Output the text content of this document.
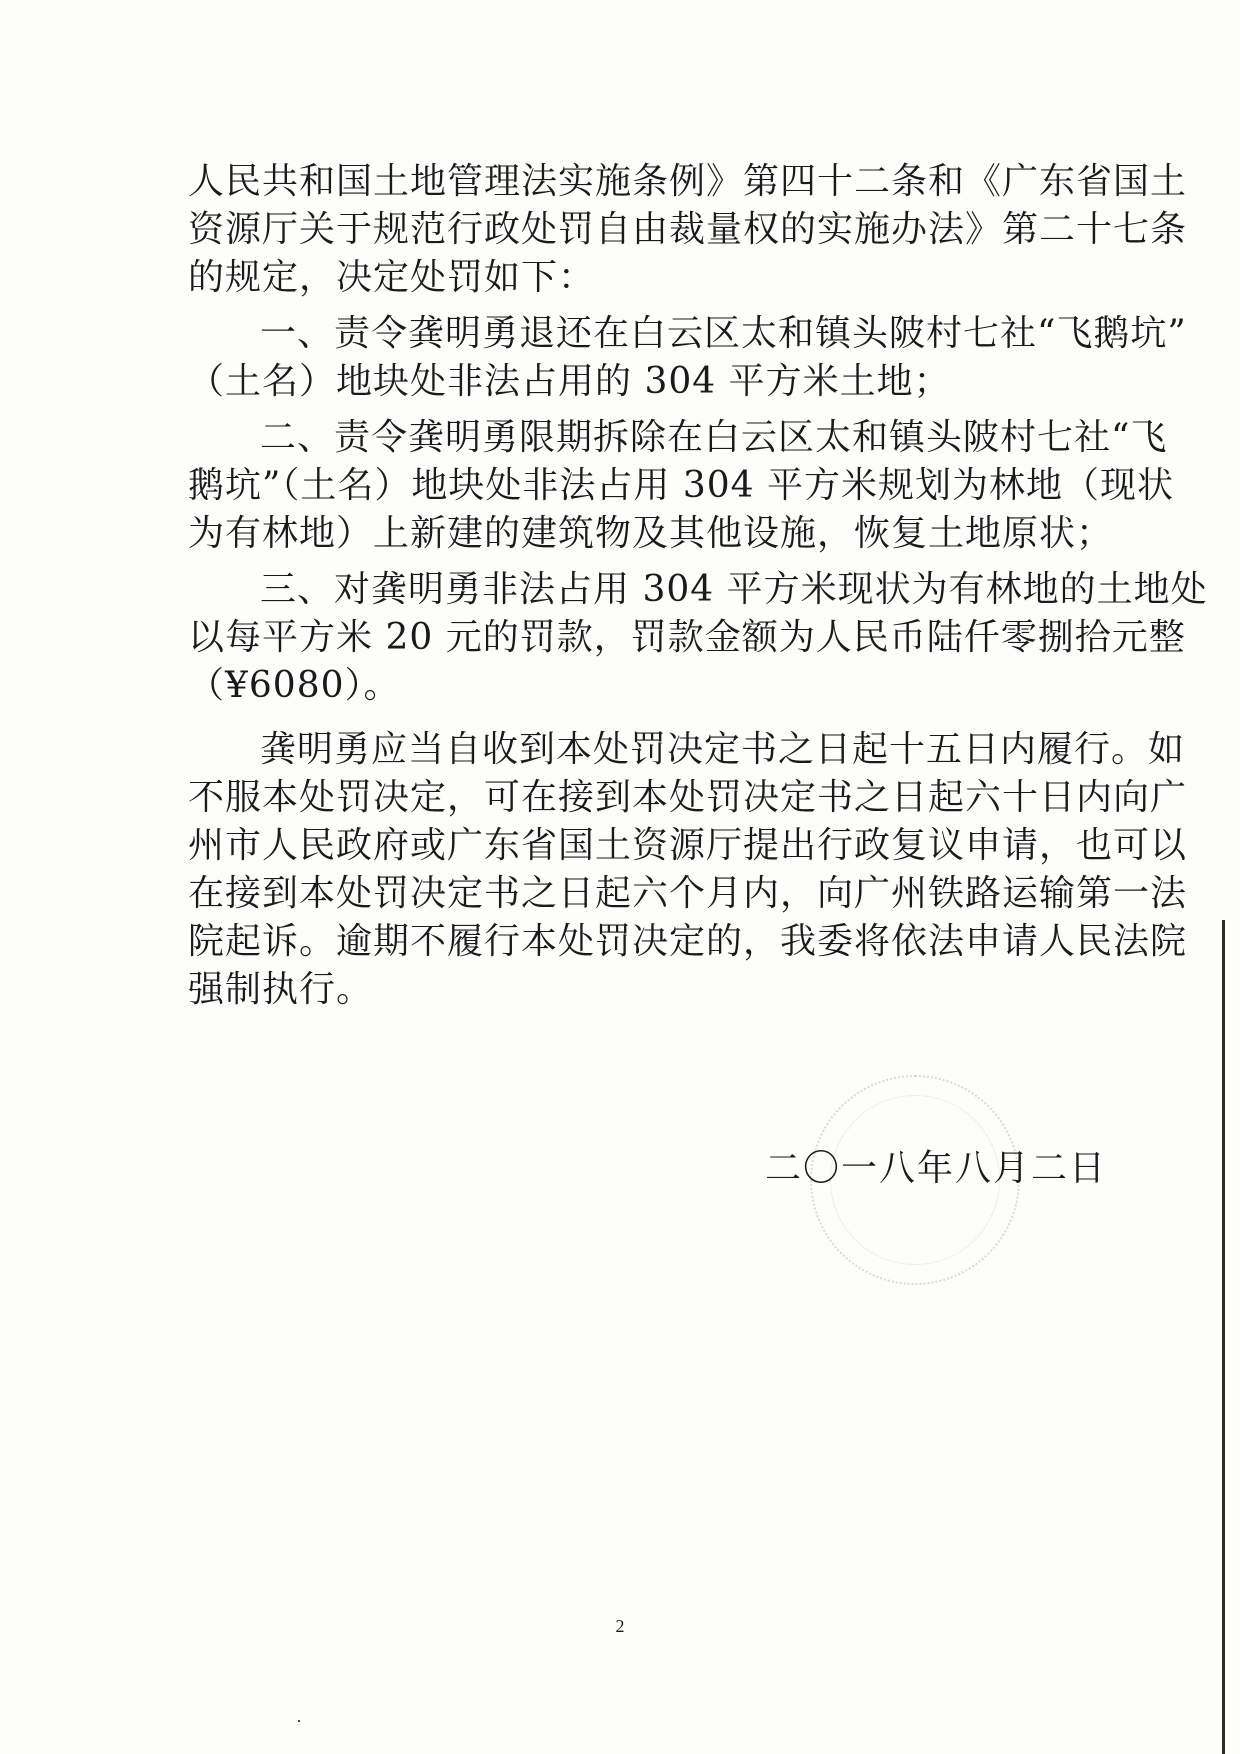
人民共和国土地管理法实施条例》第四十二条和《广东省国土
资源厅关于规范行政处罚自由裁量权的实施办法》第二十七条
的规定，决定处罚如下：
一、责令龚明勇退还在白云区太和镇头陂村七社“飞鹅坑”
（土名）地块处非法占用的 304 平方米土地；
二、责令龚明勇限期拆除在白云区太和镇头陂村七社“飞
鹅坑”（土名）地块处非法占用 304 平方米规划为林地（现状
为有林地）上新建的建筑物及其他设施，恢复土地原状；
三、对龚明勇非法占用 304 平方米现状为有林地的土地处
以每平方米 20 元的罚款，罚款金额为人民币陆仟零捌拾元整
（¥6080）。
龚明勇应当自收到本处罚决定书之日起十五日内履行。如
不服本处罚决定，可在接到本处罚决定书之日起六十日内向广
州市人民政府或广东省国土资源厅提出行政复议申请，也可以
在接到本处罚决定书之日起六个月内，向广州铁路运输第一法
院起诉。逾期不履行本处罚决定的，我委将依法申请人民法院
强制执行。
二〇一八年八月二日
2
